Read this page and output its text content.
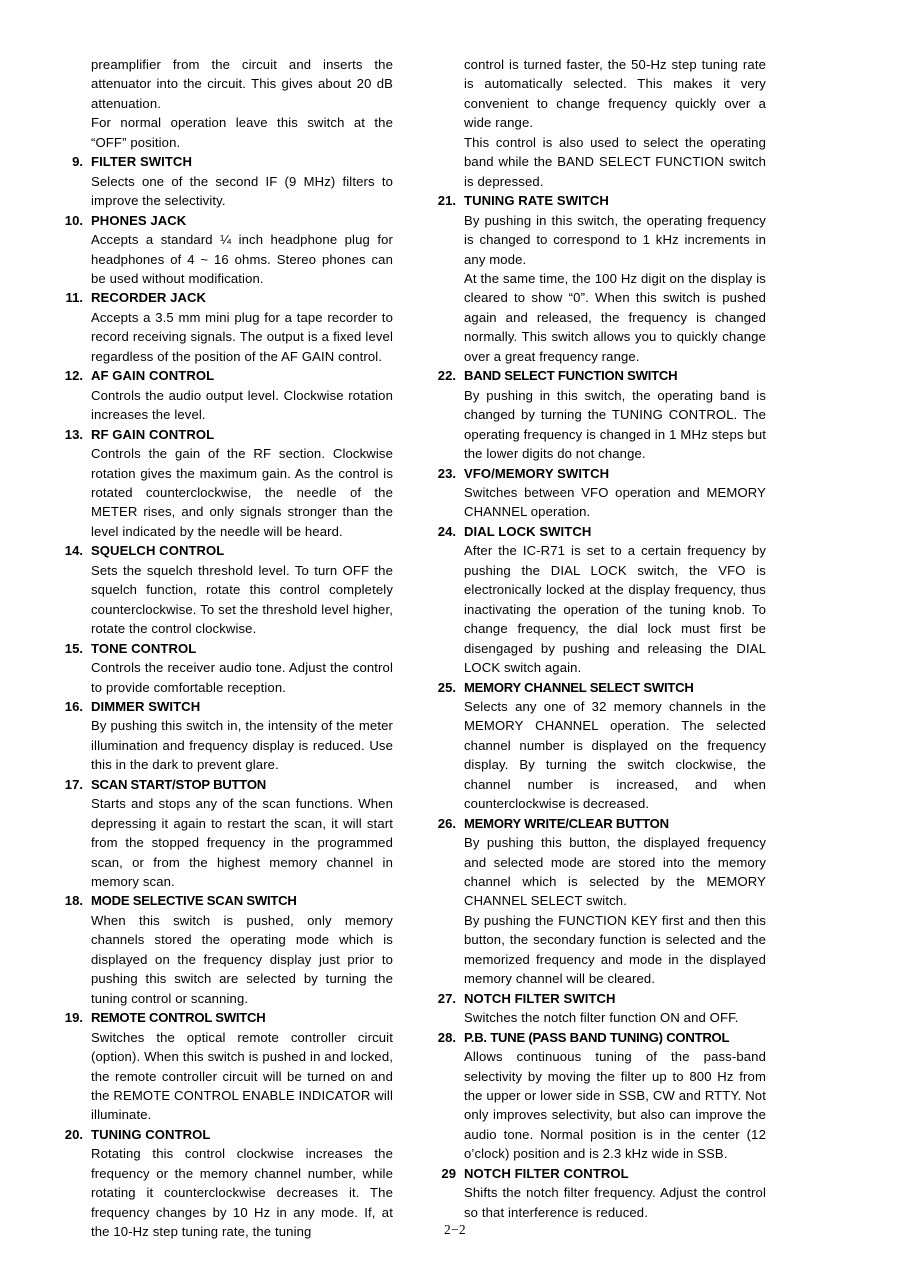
preamplifier from the circuit and inserts the attenuator into the circuit. This gives about 20 dB attenuation.
For normal operation leave this switch at the “OFF” position.
9. FILTER SWITCH
Selects one of the second IF (9 MHz) filters to improve the selectivity.
10. PHONES JACK
Accepts a standard ¼ inch headphone plug for headphones of 4 ~ 16 ohms. Stereo phones can be used without modification.
11. RECORDER JACK
Accepts a 3.5 mm mini plug for a tape recorder to record receiving signals. The output is a fixed level regardless of the position of the AF GAIN control.
12. AF GAIN CONTROL
Controls the audio output level. Clockwise rotation increases the level.
13. RF GAIN CONTROL
Controls the gain of the RF section. Clockwise rotation gives the maximum gain. As the control is rotated counterclockwise, the needle of the METER rises, and only signals stronger than the level indicated by the needle will be heard.
14. SQUELCH CONTROL
Sets the squelch threshold level. To turn OFF the squelch function, rotate this control completely counterclockwise. To set the threshold level higher, rotate the control clockwise.
15. TONE CONTROL
Controls the receiver audio tone. Adjust the control to provide comfortable reception.
16. DIMMER SWITCH
By pushing this switch in, the intensity of the meter illumination and frequency display is reduced. Use this in the dark to prevent glare.
17. SCAN START/STOP BUTTON
Starts and stops any of the scan functions. When depressing it again to restart the scan, it will start from the stopped frequency in the programmed scan, or from the highest memory channel in memory scan.
18. MODE SELECTIVE SCAN SWITCH
When this switch is pushed, only memory channels stored the operating mode which is displayed on the frequency display just prior to pushing this switch are selected by turning the tuning control or scanning.
19. REMOTE CONTROL SWITCH
Switches the optical remote controller circuit (option). When this switch is pushed in and locked, the remote controller circuit will be turned on and the REMOTE CONTROL ENABLE INDICATOR will illuminate.
20. TUNING CONTROL
Rotating this control clockwise increases the frequency or the memory channel number, while rotating it counterclockwise decreases it. The frequency changes by 10 Hz in any mode. If, at the 10-Hz step tuning rate, the tuning
control is turned faster, the 50-Hz step tuning rate is automatically selected. This makes it very convenient to change frequency quickly over a wide range.
This control is also used to select the operating band while the BAND SELECT FUNCTION switch is depressed.
21. TUNING RATE SWITCH
By pushing in this switch, the operating frequency is changed to correspond to 1 kHz increments in any mode.
At the same time, the 100 Hz digit on the display is cleared to show “0”. When this switch is pushed again and released, the frequency is changed normally. This switch allows you to quickly change over a great frequency range.
22. BAND SELECT FUNCTION SWITCH
By pushing in this switch, the operating band is changed by turning the TUNING CONTROL. The operating frequency is changed in 1 MHz steps but the lower digits do not change.
23. VFO/MEMORY SWITCH
Switches between VFO operation and MEMORY CHANNEL operation.
24. DIAL LOCK SWITCH
After the IC-R71 is set to a certain frequency by pushing the DIAL LOCK switch, the VFO is electronically locked at the display frequency, thus inactivating the operation of the tuning knob. To change frequency, the dial lock must first be disengaged by pushing and releasing the DIAL LOCK switch again.
25. MEMORY CHANNEL SELECT SWITCH
Selects any one of 32 memory channels in the MEMORY CHANNEL operation. The selected channel number is displayed on the frequency display. By turning the switch clockwise, the channel number is increased, and when counterclockwise is decreased.
26. MEMORY WRITE/CLEAR BUTTON
By pushing this button, the displayed frequency and selected mode are stored into the memory channel which is selected by the MEMORY CHANNEL SELECT switch.
By pushing the FUNCTION KEY first and then this button, the secondary function is selected and the memorized frequency and mode in the displayed memory channel will be cleared.
27. NOTCH FILTER SWITCH
Switches the notch filter function ON and OFF.
28. P.B. TUNE (PASS BAND TUNING) CONTROL
Allows continuous tuning of the pass-band selectivity by moving the filter up to 800 Hz from the upper or lower side in SSB, CW and RTTY. Not only improves selectivity, but also can improve the audio tone. Normal position is in the center (12 o’clock) position and is 2.3 kHz wide in SSB.
29 NOTCH FILTER CONTROL
Shifts the notch filter frequency. Adjust the control so that interference is reduced.
2−2
